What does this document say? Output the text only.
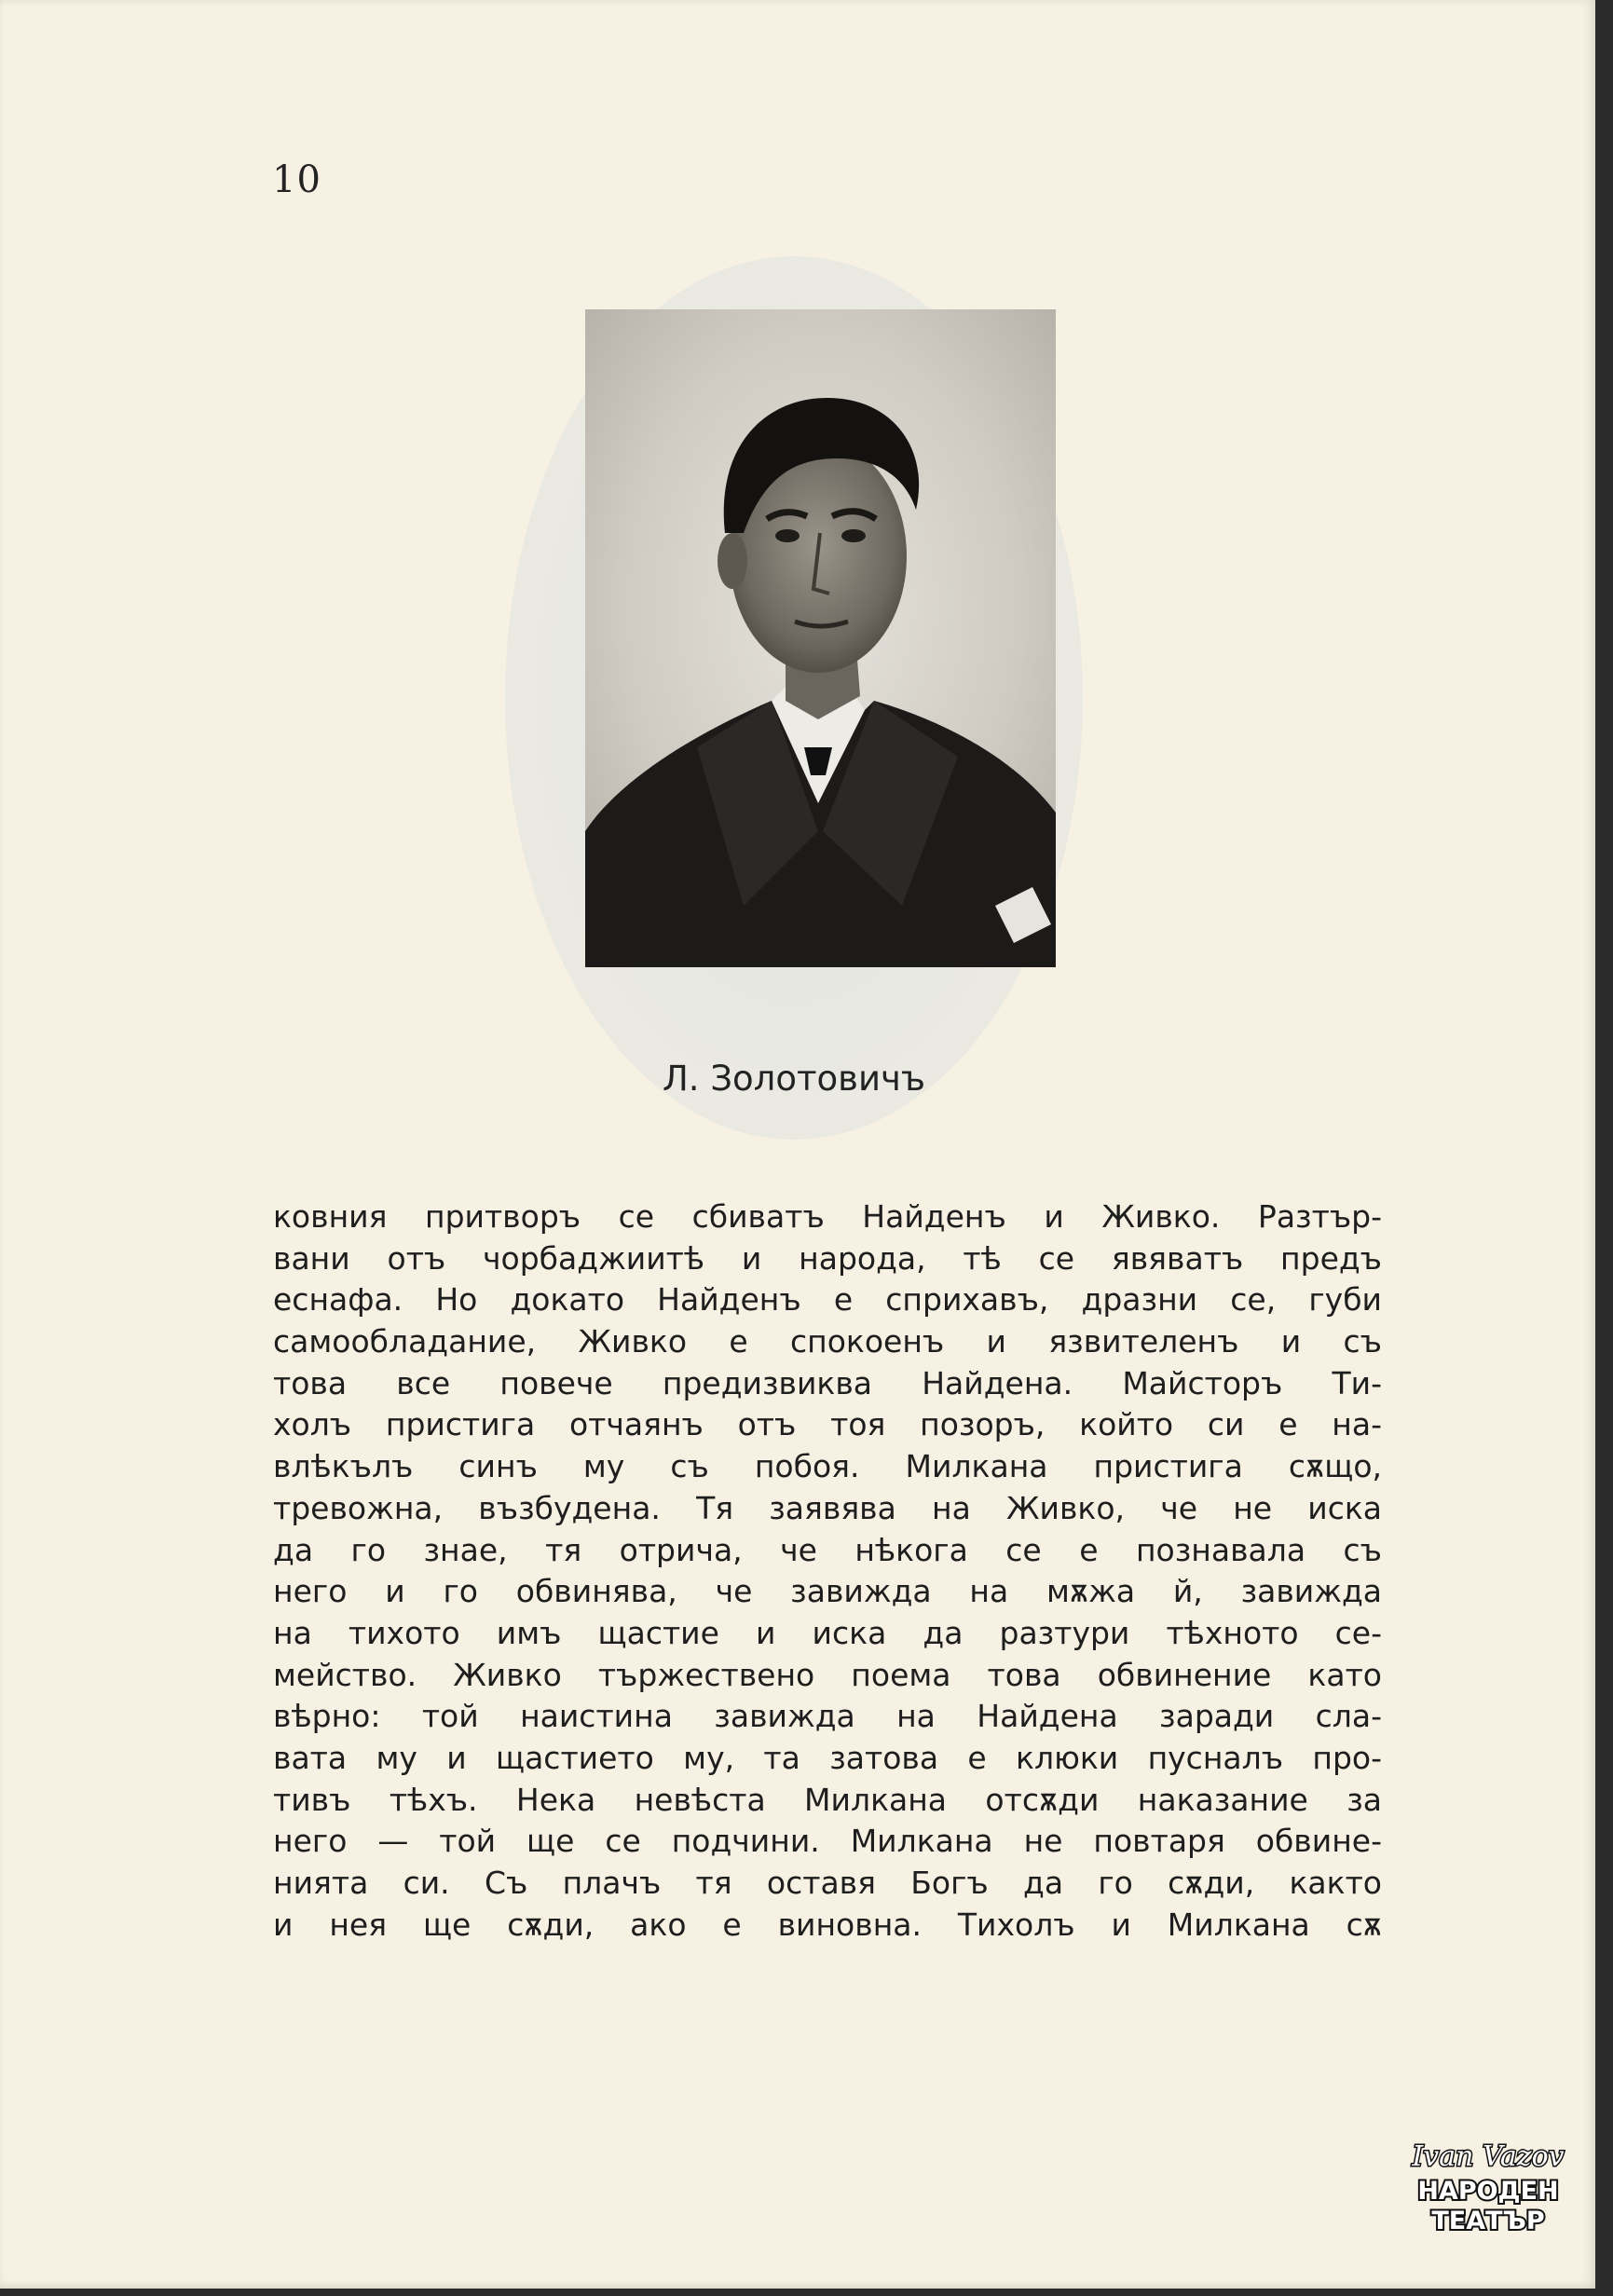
10
Л. Золотовичъ
ковния притворъ се сбиватъ Найденъ и Живко. Разтър-
вани отъ чорбаджиитѣ и народа, тѣ се явяватъ предъ
еснафа. Но докато Найденъ е сприхавъ, дразни се, губи
самообладание, Живко е спокоенъ и язвителенъ и съ
това все повече предизвиква Найдена. Майсторъ Ти-
холъ пристига отчаянъ отъ тоя позоръ, който си е на-
влѣкълъ синъ му съ побоя. Милкана пристига сѫщо,
тревожна, възбудена. Тя заявява на Живко, че не иска
да го знае, тя отрича, че нѣкога се е познавала съ
него и го обвинява, че завижда на мѫжа й, завижда
на тихото имъ щастие и иска да разтури тѣхното се-
мейство. Живко тържествено поема това обвинение като
вѣрно: той наистина завижда на Найдена заради сла-
вата му и щастието му, та затова е клюки пусналъ про-
тивъ тѣхъ. Нека невѣста Милкана отсѫди наказание за
него — той ще се подчини. Милкана не повтаря обвине-
нията си. Съ плачъ тя оставя Богъ да го сѫди, както
и нея ще сѫди, ако е виновна. Тихолъ и Милкана сѫ
Ivan Vazov
НАРОДЕН
ТЕАТЪР
